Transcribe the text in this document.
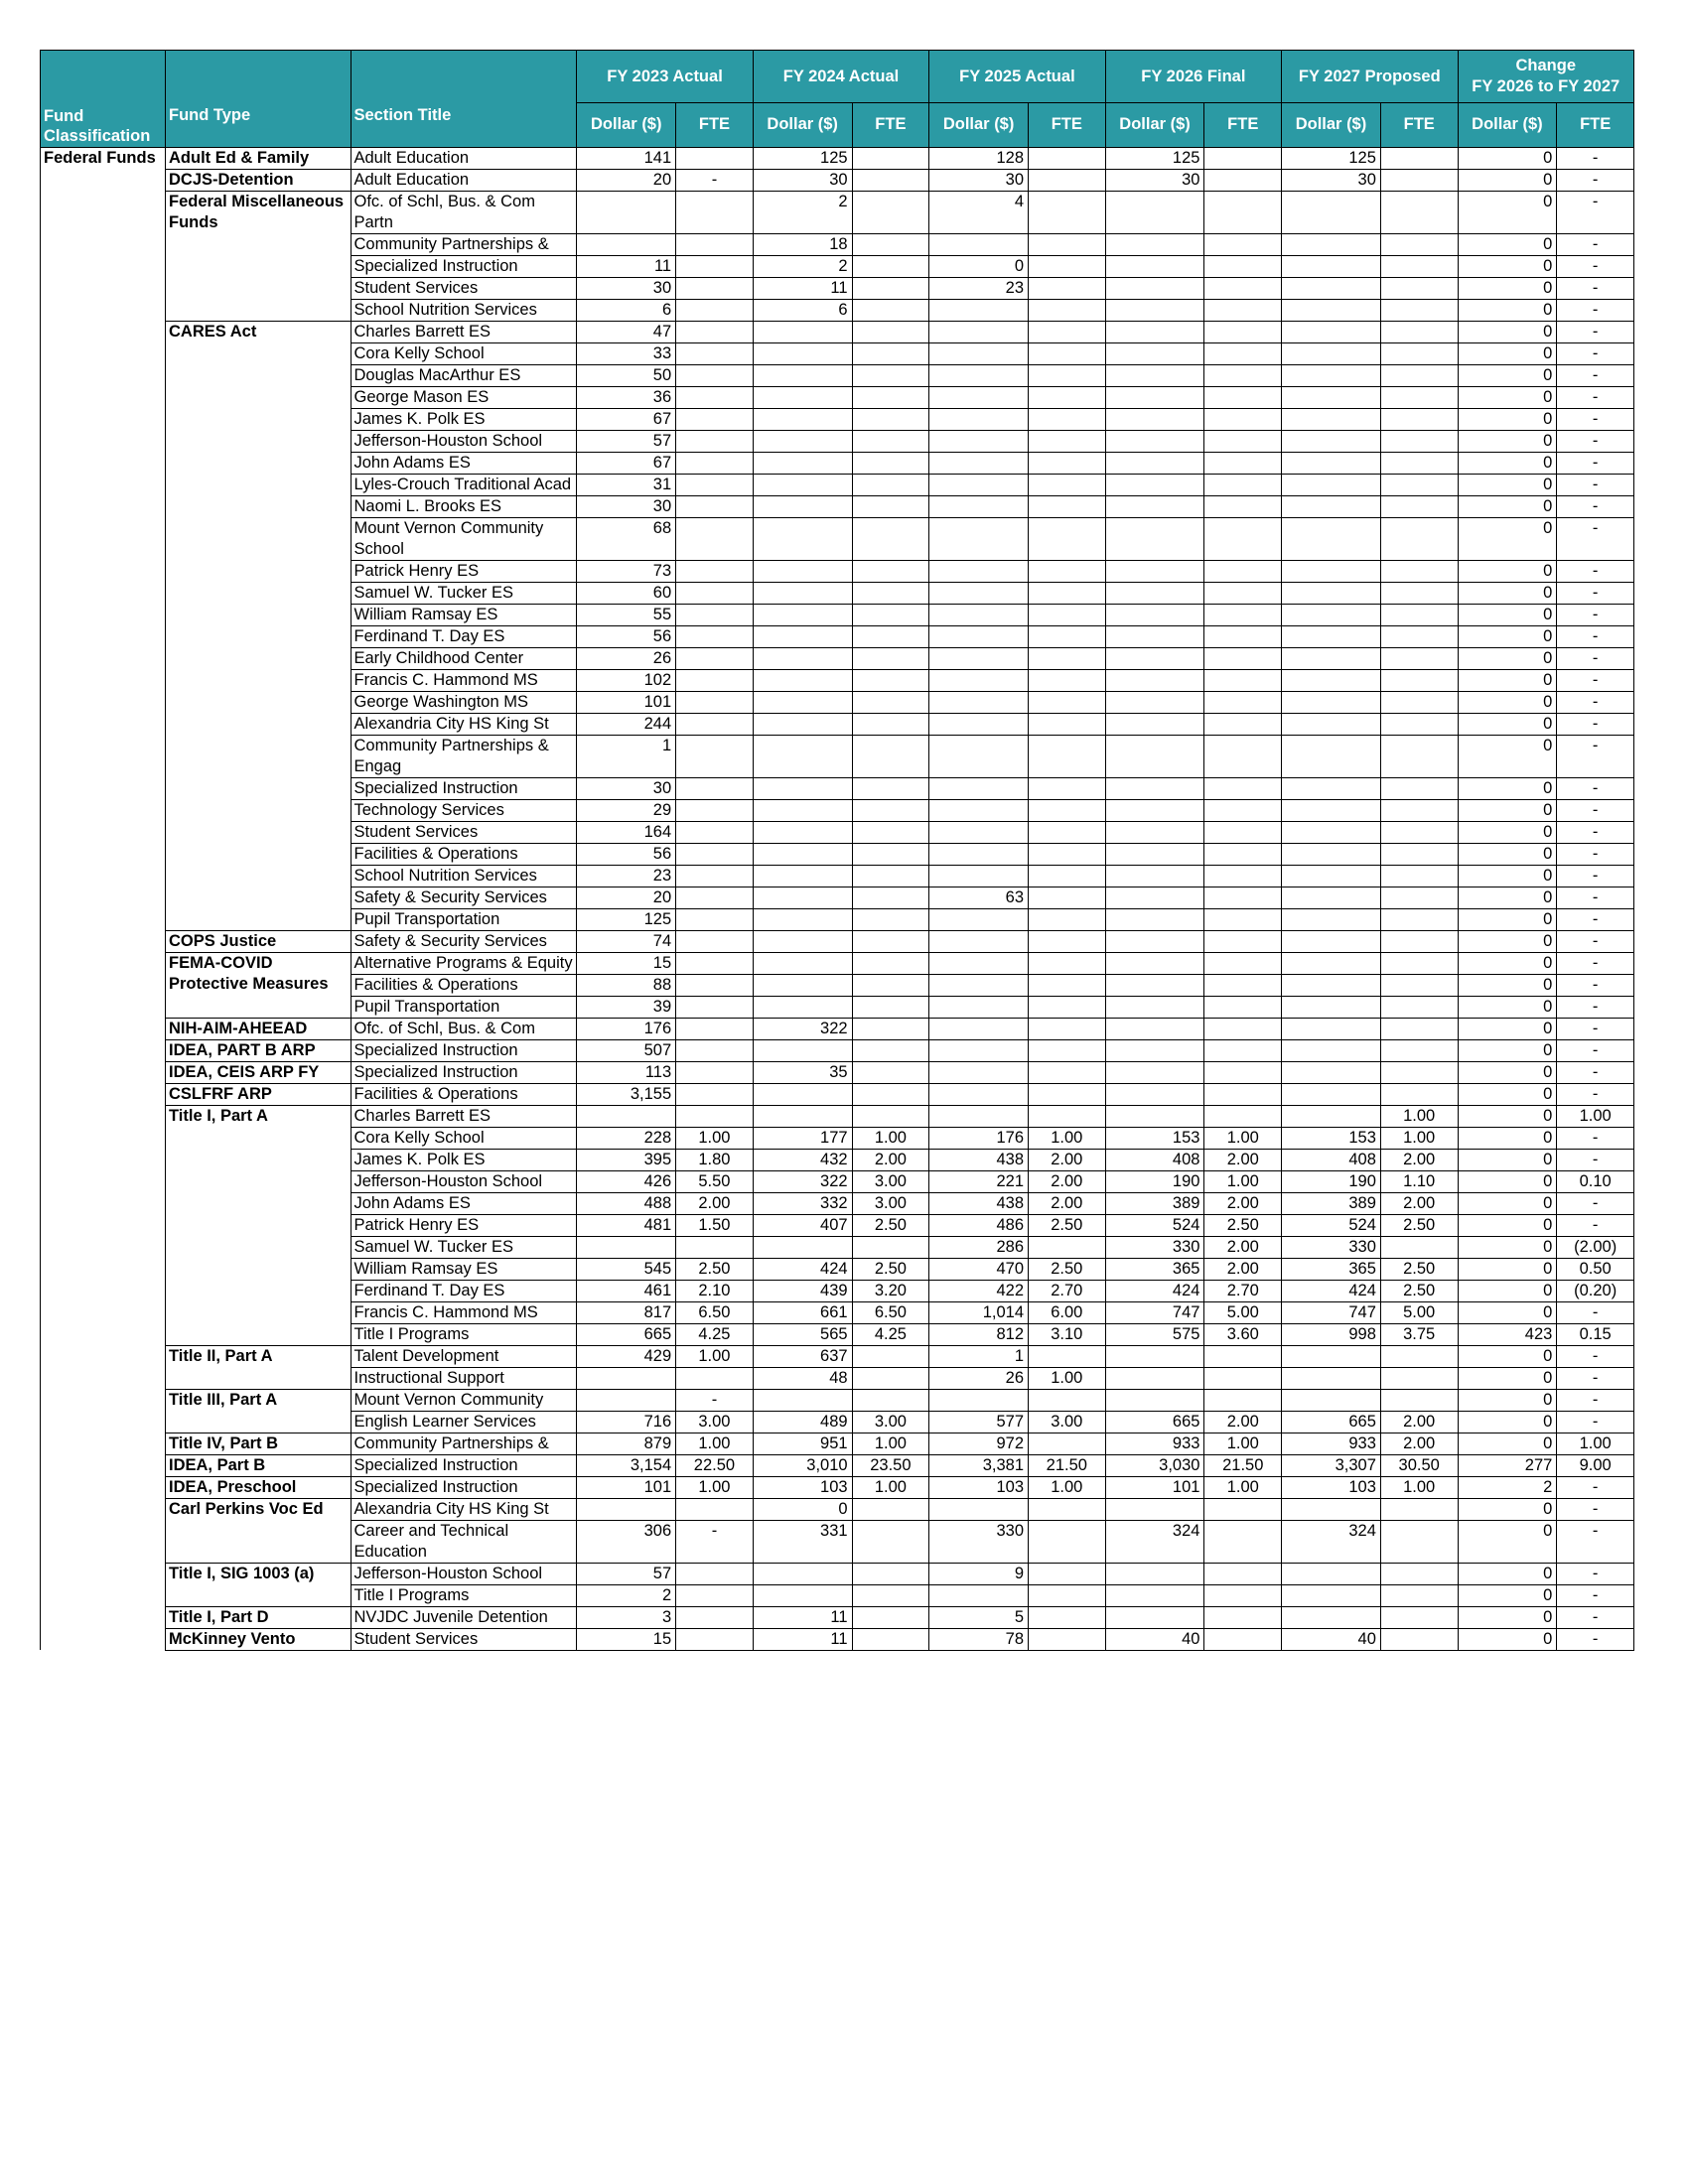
			FY 2023 Actual		FY 2024 Actual		FY 2025 Actual		FY 2026 Final		FY 2027 Proposed		Change
FY 2026 to FY 2027	

Fund Classification	Fund Type	Section Title	Dollar ($)	FTE	Dollar ($)	FTE	Dollar ($)	FTE	Dollar ($)	FTE	Dollar ($)	FTE	Dollar ($)	FTE
Federal Funds	Adult Ed & Family	Adult Education	141		125		128		125		125		0	-
	DCJS-Detention	Adult Education	20	-	30		30		30		30		0	-
	Federal Miscellaneous Funds	Ofc. of Schl, Bus. & Com Partn			2		4						0	-
		Community Partnerships &			18								0	-
		Specialized Instruction	11		2		0						0	-
		Student Services	30		11		23						0	-
		School Nutrition Services	6		6								0	-
	CARES Act	Charles Barrett ES	47										0	-
		Cora Kelly School	33										0	-
		Douglas MacArthur ES	50										0	-
		George Mason ES	36										0	-
		James K. Polk ES	67										0	-
		Jefferson-Houston School	57										0	-
		John Adams ES	67										0	-
		Lyles-Crouch Traditional Acad	31										0	-
		Naomi L. Brooks ES	30										0	-
		Mount Vernon Community School	68										0	-
		Patrick Henry ES	73										0	-
		Samuel W. Tucker ES	60										0	-
		William Ramsay ES	55										0	-
		Ferdinand T. Day ES	56										0	-
		Early Childhood Center	26										0	-
		Francis C. Hammond MS	102										0	-
		George Washington MS	101										0	-
		Alexandria City HS King St	244										0	-
		Community Partnerships & Engag	1										0	-
		Specialized Instruction	30										0	-
		Technology Services	29										0	-
		Student Services	164										0	-
		Facilities & Operations	56										0	-
		School Nutrition Services	23										0	-
		Safety & Security Services	20				63						0	-
		Pupil Transportation	125										0	-
	COPS Justice	Safety & Security Services	74										0	-
	FEMA-COVID Protective Measures	Alternative Programs & Equity	15										0	-
		Facilities & Operations	88										0	-
		Pupil Transportation	39										0	-
	NIH-AIM-AHEEAD	Ofc. of Schl, Bus. & Com	176		322								0	-
	IDEA, PART B ARP	Specialized Instruction	507										0	-
	IDEA, CEIS ARP FY	Specialized Instruction	113		35								0	-
	CSLFRF ARP	Facilities & Operations	3,155										0	-
	Title I, Part A	Charles Barrett ES										1.00	0	1.00
		Cora Kelly School	228	1.00	177	1.00	176	1.00	153	1.00	153	1.00	0	-
		James K. Polk ES	395	1.80	432	2.00	438	2.00	408	2.00	408	2.00	0	-
		Jefferson-Houston School	426	5.50	322	3.00	221	2.00	190	1.00	190	1.10	0	0.10
		John Adams ES	488	2.00	332	3.00	438	2.00	389	2.00	389	2.00	0	-
		Patrick Henry ES	481	1.50	407	2.50	486	2.50	524	2.50	524	2.50	0	-
		Samuel W. Tucker ES					286		330	2.00	330		0	(2.00)
		William Ramsay ES	545	2.50	424	2.50	470	2.50	365	2.00	365	2.50	0	0.50
		Ferdinand T. Day ES	461	2.10	439	3.20	422	2.70	424	2.70	424	2.50	0	(0.20)
		Francis C. Hammond MS	817	6.50	661	6.50	1,014	6.00	747	5.00	747	5.00	0	-
		Title I Programs	665	4.25	565	4.25	812	3.10	575	3.60	998	3.75	423	0.15
	Title II, Part A	Talent Development	429	1.00	637		1						0	-
		Instructional Support			48		26	1.00					0	-
	Title III, Part A	Mount Vernon Community		-									0	-
		English Learner Services	716	3.00	489	3.00	577	3.00	665	2.00	665	2.00	0	-
	Title IV, Part B	Community Partnerships &	879	1.00	951	1.00	972		933	1.00	933	2.00	0	1.00
	IDEA, Part B	Specialized Instruction	3,154	22.50	3,010	23.50	3,381	21.50	3,030	21.50	3,307	30.50	277	9.00
	IDEA, Preschool	Specialized Instruction	101	1.00	103	1.00	103	1.00	101	1.00	103	1.00	2	-
	Carl Perkins Voc Ed	Alexandria City HS King St			0								0	-
		Career and Technical Education	306	-	331		330		324		324		0	-
	Title I, SIG 1003 (a)	Jefferson-Houston School	57				9						0	-
		Title I Programs	2										0	-
	Title I, Part D	NVJDC Juvenile Detention	3		11		5						0	-
	McKinney Vento	Student Services	15		11		78		40		40		0	-
